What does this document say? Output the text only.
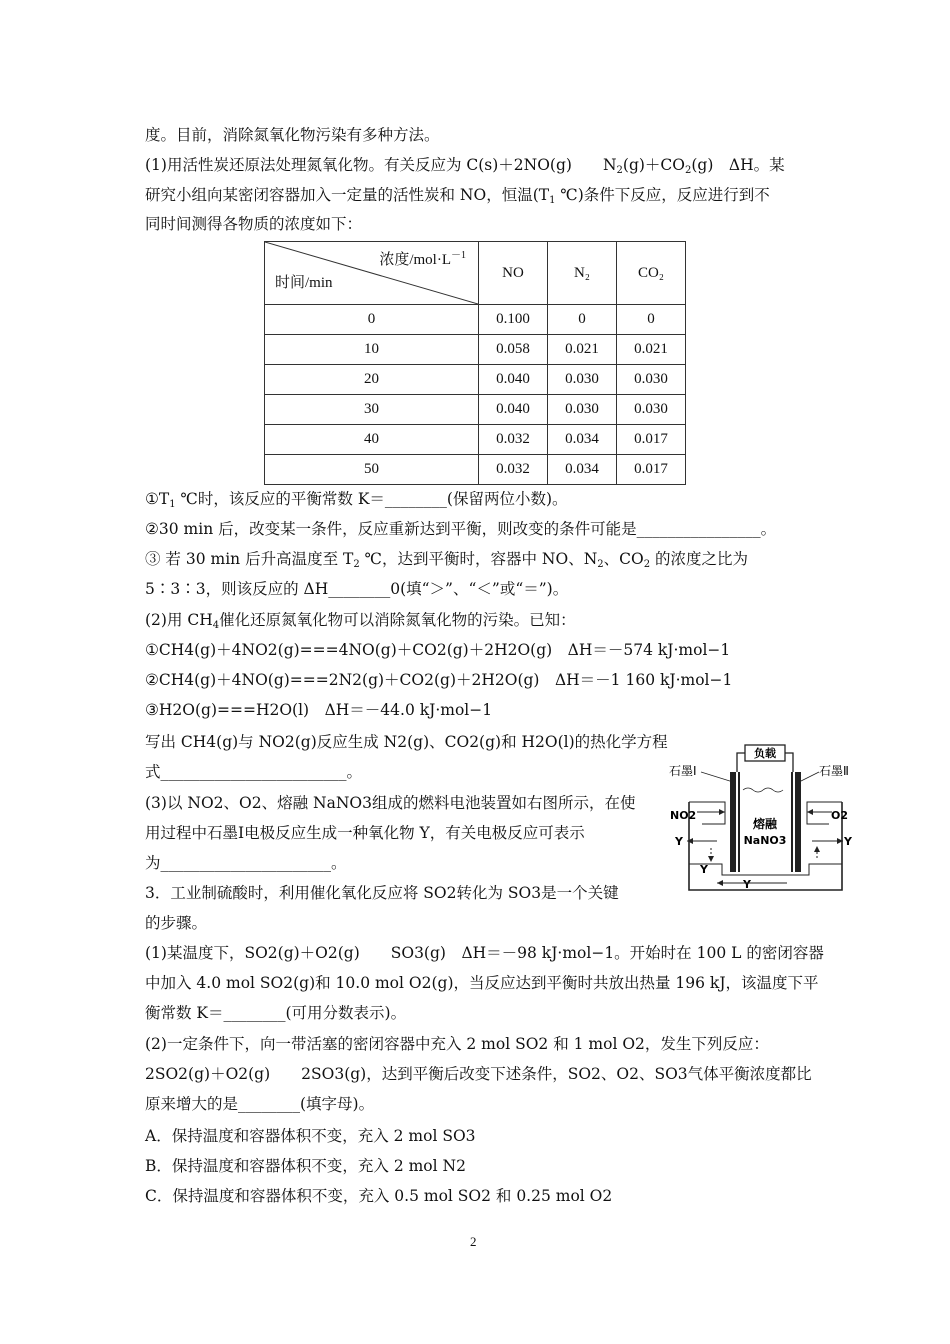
度。目前，消除氮氧化物污染有多种方法。
(1)用活性炭还原法处理氮氧化物。有关反应为 C(s)＋2NO(g)　　 $N_2(g)+CO_2(g)$　ΔH。某
研究小组向某密闭容器加入一定量的活性炭和 NO，恒温($T_1$ ℃)条件下反应，反应进行到不
同时间测得各物质的浓度如下：
浓度$/mol\cdot L^{-1}$
时间/min	NO	N₂	CO₂
0	0.100	0	0
10	0.058	0.021	0.021
20	0.040	0.030	0.030
30	0.040	0.030	0.030
40	0.032	0.034	0.017
50	0.032	0.034	0.017
$①T_1$ ℃时，该反应的平衡常数 K＝________(保留两位小数)。
②30 min 后，改变某一条件，反应重新达到平衡，则改变的条件可能是________________。
③ 若 30 min 后升高温度至 $T_2$ ℃，达到平衡时，容器中 NO、$N_2$、$CO_2$ 的浓度之比为
5∶3∶3，则该反应的 ΔH________0(填“＞”、“＜”或“＝”)。
(2)用 $CH_4$催化还原氮氧化物可以消除氮氧化物的污染。已知：
①CH4(g)＋4NO2(g)===4NO(g)＋CO2(g)＋2H2O(g)　ΔH＝－574 kJ·mol−1
②CH4(g)＋4NO(g)===2N2(g)＋CO2(g)＋2H2O(g)　ΔH＝－1 160 kJ·mol−1
③H2O(g)===H2O(l)　ΔH＝－44.0 kJ·mol−1
写出 CH4(g)与 NO2(g)反应生成 N2(g)、CO2(g)和 H2O(l)的热化学方程
式________________________。
(3)以 NO2、O2、熔融 NaNO3组成的燃料电池装置如右图所示，在使
用过程中石墨Ⅰ电极反应生成一种氧化物 Y，有关电极反应可表示
为______________________。
3．工业制硫酸时，利用催化氧化反应将 SO2转化为 SO3是一个关键
的步骤。
(1)某温度下，SO2(g)＋O2(g)　　SO3(g)　ΔH＝－98 kJ·mol−1。开始时在 100 L 的密闭容器
中加入 4.0 mol SO2(g)和 10.0 mol O2(g)，当反应达到平衡时共放出热量 196 kJ，该温度下平
衡常数 K＝________(可用分数表示)。
(2)一定条件下，向一带活塞的密闭容器中充入 2 mol SO2 和 1 mol O2，发生下列反应：
2SO2(g)＋O2(g)　　2SO3(g)，达到平衡后改变下述条件，SO2、O2、SO3气体平衡浓度都比
原来增大的是________(填字母)。
A．保持温度和容器体积不变，充入 2 mol SO3
B．保持温度和容器体积不变，充入 2 mol N2
C．保持温度和容器体积不变，充入 0.5 mol SO2 和 0.25 mol O2
负载
石墨Ⅰ	石墨Ⅱ
熔融
NaNO3
NO2	O2
Y	Y
Y
Y
2
